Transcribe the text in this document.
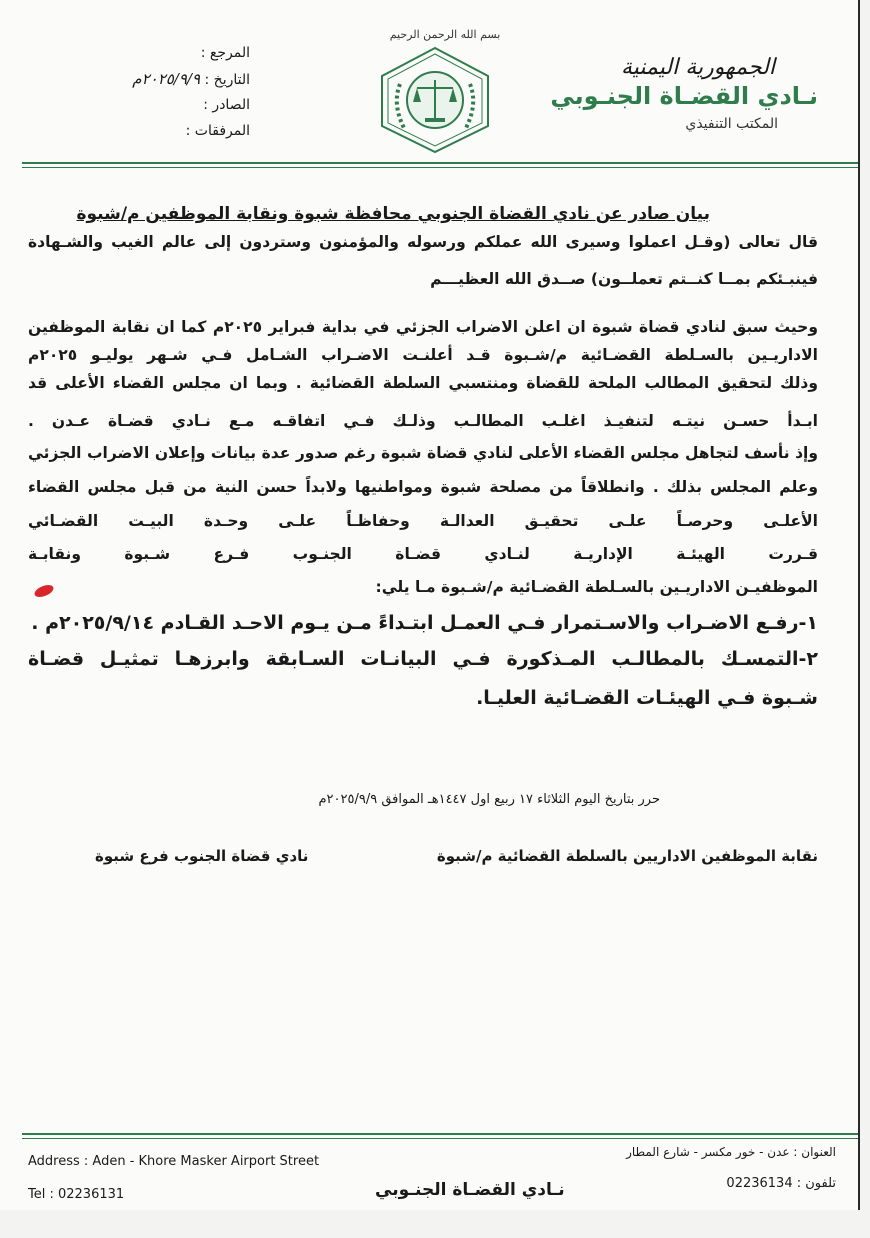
المرجع :
التاريخ : ٢٠٢٥/٩/٩م
الصادر :
المرفقات :
بسم الله الرحمن الرحيم
الجمهورية اليمنية
نـادي القضـاة الجنـوبي
المكتب التنفيذي
بيان صادر عن نادي القضاة الجنوبي محافظة شبوة ونقابة الموظفين م/شبوة
قال تعالى (وقـل اعملوا وسيرى الله عملكم ورسوله والمؤمنون وستردون إلى عالم الغيب والشـهادة
فينبـئكم بمــا كنــتم تعملــون) صــدق الله العظيـــم
وحيث سبق لنادي قضاة شبوة ان اعلن الاضراب الجزئي في بداية فبراير ٢٠٢٥م كما ان نقابة الموظفين
الاداريـين بالسـلطة القضـائية م/شـبوة قـد أعلنـت الاضـراب الشـامل فـي شـهر يوليـو ٢٠٢٥م
وذلك لتحقيق المطالب الملحة للقضاة ومنتسبي السلطة القضائية . وبما ان مجلس القضاء الأعلى قد
ابـدأ حسـن نيتـه لتنفيـذ اغلـب المطالـب وذلـك فـي اتفاقـه مـع نـادي قضـاة عـدن .
وإذ نأسف لتجاهل مجلس القضاء الأعلى لنادي قضاة شبوة رغم صدور عدة بيانات وإعلان الاضراب الجزئي
وعلم المجلس بذلك . وانطلاقاً من مصلحة شبوة ومواطنيها ولابداً حسن النية من قبل مجلس القضاء
الأعلـى وحرصـاً علـى تحقيـق العدالـة وحفاظـاً علـى وحـدة البيـت القضـائي
قـررت الهيئـة الإداريـة لنـادي قضـاة الجنـوب فـرع شـبوة ونقابـة
الموظفيـن الاداريـين بالسـلطة القضـائية م/شـبوة مـا يلي:
١-رفـع الاضـراب والاسـتمرار فـي العمـل ابتـداءً مـن يـوم الاحـد القـادم ٢٠٢٥/٩/١٤م .
٢-التمسـك بالمطالـب المـذكورة فـي البيانـات السـابقة وابرزهـا تمثيـل قضـاة
شـبوة فـي الهيئـات القضـائية العليـا.
حرر بتاريخ اليوم الثلاثاء ١٧ ربيع اول ١٤٤٧هـ الموافق ٢٠٢٥/٩/٩م
نقابة الموظفين الاداريين بالسلطة القضائية م/شبوة
نادي قضاة الجنوب فرع شبوة
Address : Aden - Khore Masker Airport Street
Tel : 02236131
العنوان : عدن - خور مكسر - شارع المطار
تلفون : 02236134
نـادي القضـاة الجنـوبي
